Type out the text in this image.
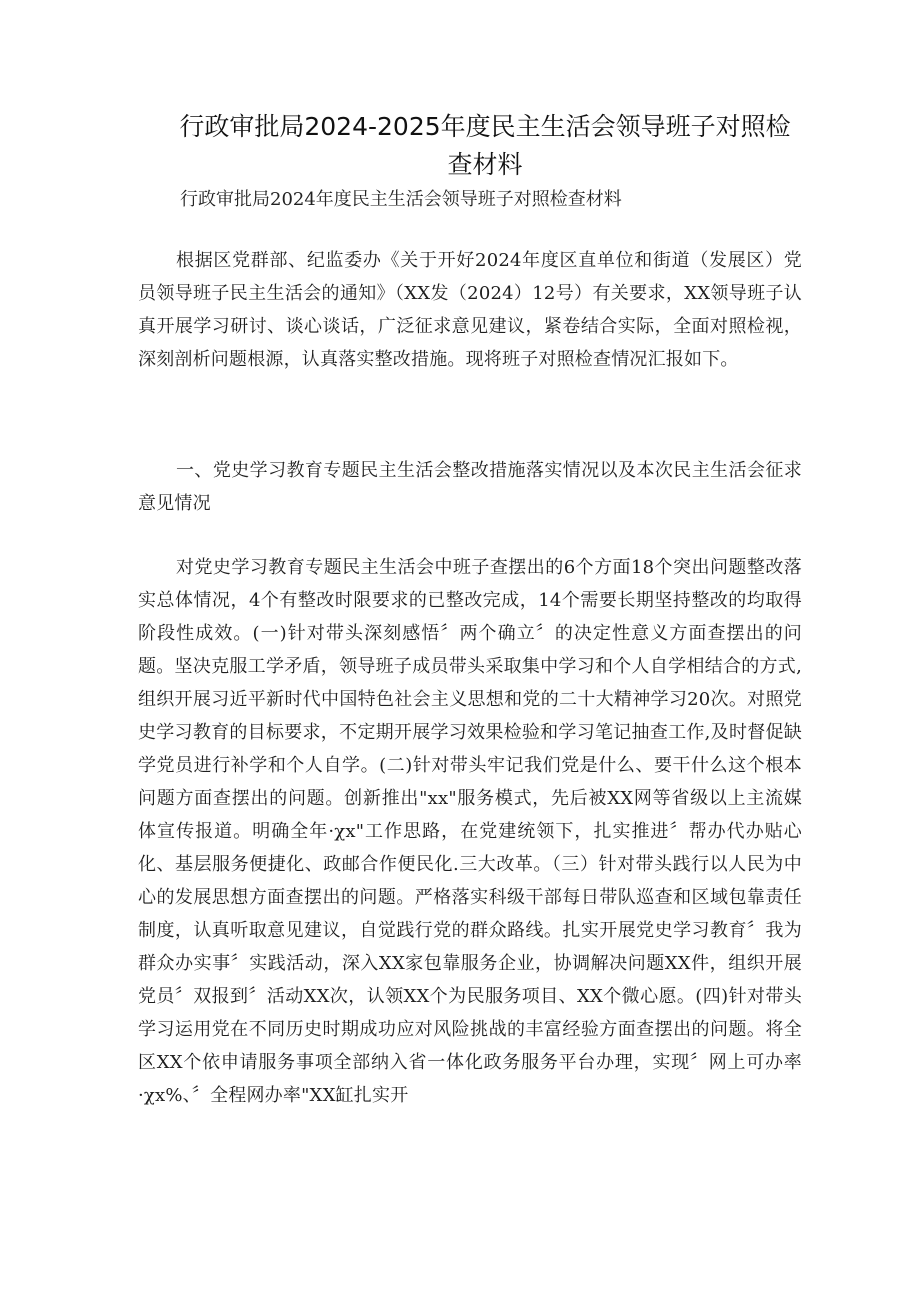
行政审批局2024-2025年度民主生活会领导班子对照检查材料

行政审批局2024年度民主生活会领导班子对照检查材料

根据区党群部、纪监委办《关于开好2024年度区直单位和街道（发展区）党员领导班子民主生活会的通知》（XX发（2024）12号）有关要求，XX领导班子认真开展学习研讨、谈心谈话，广泛征求意见建议，紧卷结合实际，全面对照检视，深刻剖析问题根源，认真落实整改措施。现将班子对照检查情况汇报如下。

一、党史学习教育专题民主生活会整改措施落实情况以及本次民主生活会征求意见情况

对党史学习教育专题民主生活会中班子查摆出的6个方面18个突出问题整改落实总体情况，4个有整改时限要求的已整改完成，14个需要长期坚持整改的均取得阶段性成效。(一)针对带头深刻感悟〞两个确立〞的决定性意义方面查摆出的问题。坚决克服工学矛盾，领导班子成员带头采取集中学习和个人自学相结合的方式,组织开展习近平新时代中国特色社会主义思想和党的二十大精神学习20次。对照党史学习教育的目标要求，不定期开展学习效果检验和学习笔记抽查工作,及时督促缺学党员进行补学和个人自学。(二)针对带头牢记我们党是什么、要干什么这个根本问题方面查摆出的问题。创新推出"xx"服务模式，先后被XX网等省级以上主流媒体宣传报道。明确全年·χx"工作思路，在党建统领下，扎实推进〞帮办代办贴心化、基层服务便捷化、政邮合作便民化.三大改革。（三）针对带头践行以人民为中心的发展思想方面查摆出的问题。严格落实科级干部每日带队巡查和区域包靠责任制度，认真听取意见建议，自觉践行党的群众路线。扎实开展党史学习教育〞我为群众办实事〞实践活动，深入XX家包靠服务企业，协调解决问题XX件，组织开展党员〞双报到〞活动XX次，认领XX个为民服务项目、XX个微心愿。(四)针对带头学习运用党在不同历史时期成功应对风险挑战的丰富经验方面查摆出的问题。将全区XX个依申请服务事项全部纳入省一体化政务服务平台办理，实现〞网上可办率·χx%、〞全程网办率"XX缸扎实开
